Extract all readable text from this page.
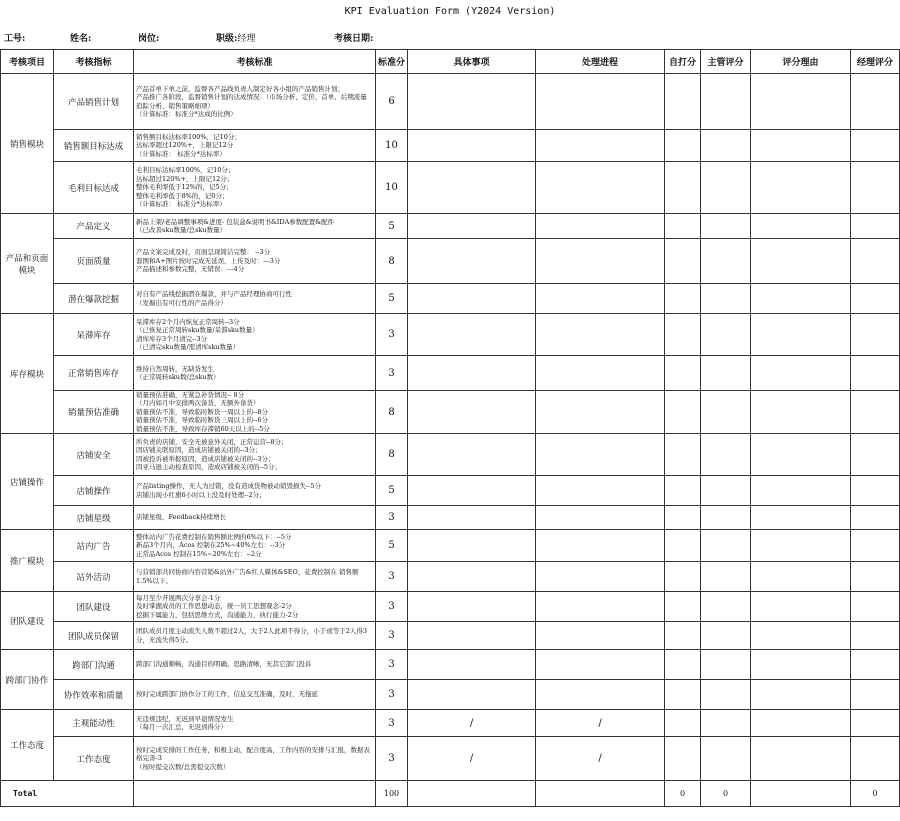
KPI Evaluation Form (Y2024 Version)
工号:	姓名:	岗位:	职级:经理	考核日期:
考核项目	考核指标	考核标准	标准分	具体事项	处理进程	自打分	主管评分	评分理由	经理评分
销售模块	产品销售计划	产品首单下单之前，监督各产品线负责人制定好各小组的产品销售计划；
产品推广各阶段，监督销售计划的达成情况：（市场分析、定价、首单、后期流量追踪分析、销售策略细项）
（计算标准：标准分*达成的比例）	6						
	销售额目标达成	销售额目标达标率100%，记10分；
达标率超过120%+，上限记12分
（计算标准： 标准分*达标率）	10						
	毛利目标达成	毛利目标达标率100%，记10分；
达标超过120%+，上限记12分；
整体毛利率低于12%的，记5分；
整体毛利率低于8%的，记0分；
（计算标准： 标准分*达标率）	10						
产品和页面模块	产品定义	新品上架/老品调整事项&进度- 包装盒&说明书&IDA参数配置&配件
（已改善sku数量/总sku数量）	5						
	页面质量	产品文案完成及时，页面呈现简洁完整： --3分
套图和A+图片按时完成无延误，上传及时：---3分
产品描述和参数完整，无错误：---4分	8						
	潜在爆款挖掘	对自有产品线挖掘潜在爆款，并与产品经理协商可行性
（发掘出有可行性的产品得分）	5						
库存模块	呆滞库存	呆滞库存2个月内恢复正常周转--3分
（已恢复正常周转sku数量/呆滞sku数量）
清库库存3个月清完--3分
（已清完sku数量/需清库sku数量）	3						
	正常销售库存	维持自然周转，无缺货发生
（正常周转sku数/总sku数）	3						
	销量预估准确	销量预估准确，无紧急补货情况-- 8分
（月内如月中安排两次备货，无额外备货）
销量预估不准，导致临时断货一周以上的--8分
销量预估不准，导致临时断货三周以上的--6分
销量预估不准，导致库存滞销60天以上的--5分	8						
店铺操作	店铺安全	所负责的店铺，安全无被意外关闭，正常运营--8分；
因店铺关联原因，造成店铺被关闭的--3分；
因被投诉被举报原因，造成店铺被关闭的--3分；
因亚马逊主动检查原因，造成店铺被关闭的--5分；	8						
	店铺操作	产品listing操作，无人为过错，没有造成货物被动销毁损失--5分
店铺出现小红旗6小时以上没及时处理--2分；	5						
	店铺星级	店铺星级，Feedback持续增长	3						
推广模块	站内广告	整体站内广告花费控制在销售额比例的6%以下：--5分
新品3个月内，Acos 控制在25%~40%左右：--3分
正常品Acos 控制在15%~20%左右：--2分	5						
	站外活动	与营销部共同协商内容营销&站外广告&红人媒体&SEO，花费控制在 销售额1.5%以下。	3						
团队建设	团队建设	每月至少开展两次分享会-1分
及时掌握成员的工作思想动态，统一员工思想观念-2分
挖掘下属能力，包括思维方式，沟通能力，执行能力-2分	3						
	团队成员保留	团队成员月度主动流失人数不超过2人，大于2人此项不得分，小于或等于2人得3分，无流失得5分。	3						
跨部门协作	跨部门沟通	跨部门沟通顺畅，沟通目的明确，思路清晰，无其它部门投诉	3						
	协作效率和质量	按时完成跨部门协作分工的工作，信息交互准确，及时，无拖延	3						
工作态度	主观能动性	无违规违纪，无迟到早退情况发生
（每月一次汇总，无迟到得分）	3	/	/				
	工作态度	按时完成安排的工作任务，积极主动，配合度高，工作内容的安排与汇报，数据表格完善-3
（按时提交次数/总需提交次数）	3	/	/				
Total			100			0	0		0
